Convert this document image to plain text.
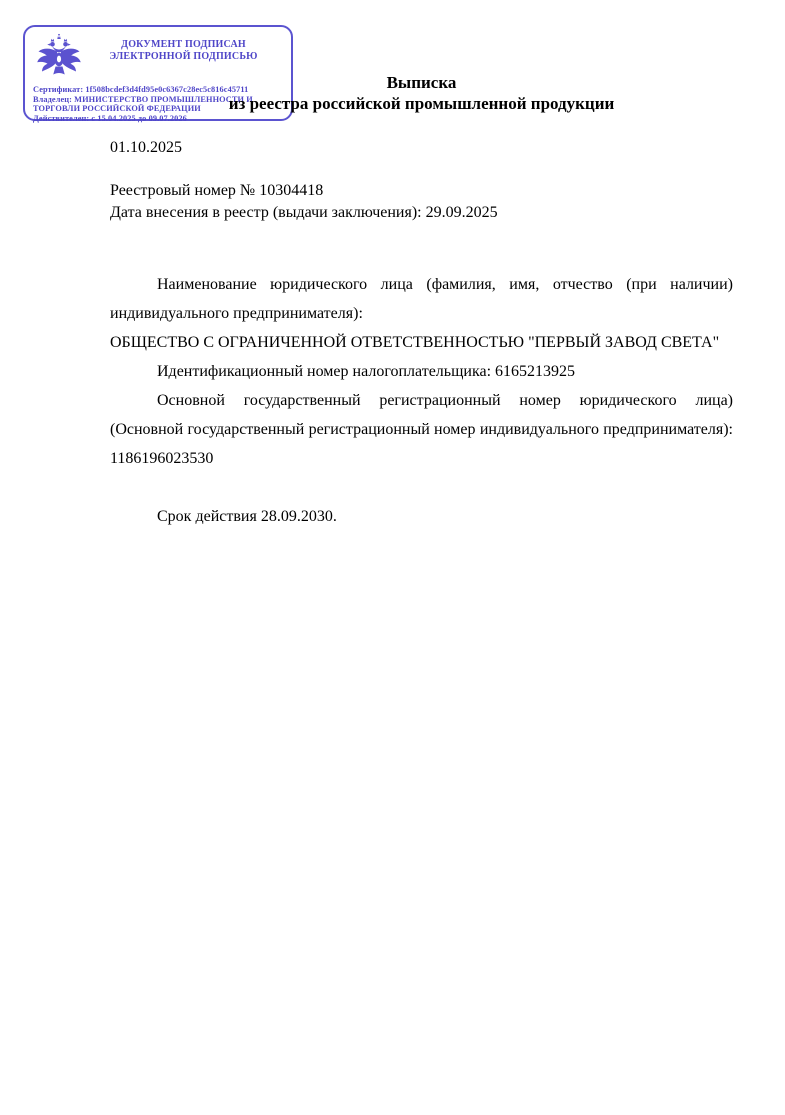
ДОКУМЕНТ ПОДПИСАН
ЭЛЕКТРОННОЙ ПОДПИСЬЮ
Сертификат: 1f508bcdef3d4fd95e0c6367c28ec5c816c45711
Владелец: МИНИСТЕРСТВО ПРОМЫШЛЕННОСТИ И
ТОРГОВЛИ РОССИЙСКОЙ ФЕДЕРАЦИИ
Действителен: с 15.04.2025 до 09.07.2026
Выписка
из реестра российской промышленной продукции
01.10.2025
Реестровый номер № 10304418
Дата внесения в реестр (выдачи заключения): 29.09.2025

Наименование юридического лица (фамилия, имя, отчество (при наличии) индивидуального предпринимателя):

ОБЩЕСТВО С ОГРАНИЧЕННОЙ ОТВЕТСТВЕННОСТЬЮ "ПЕРВЫЙ ЗАВОД СВЕТА"

Идентификационный номер налогоплательщика: 6165213925

Основной государственный регистрационный номер юридического лица) (Основной государственный регистрационный номер индивидуального предпринимателя): 1186196023530

Срок действия 28.09.2030.
